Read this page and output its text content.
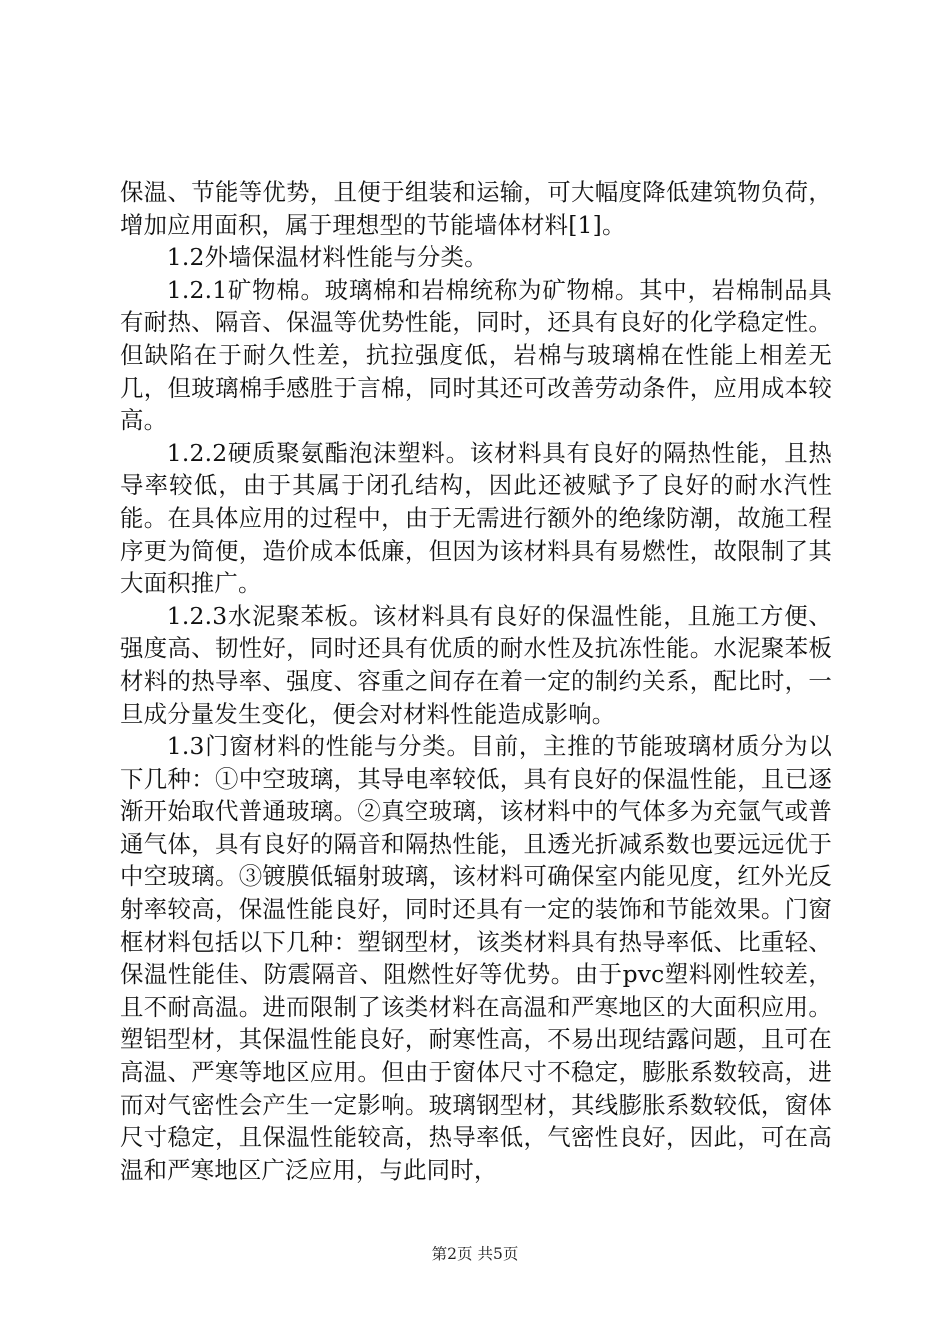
保温、节能等优势，且便于组装和运输，可大幅度降低建筑物负荷，增加应用面积，属于理想型的节能墙体材料[1]。

1.2外墙保温材料性能与分类。

1.2.1矿物棉。玻璃棉和岩棉统称为矿物棉。其中，岩棉制品具有耐热、隔音、保温等优势性能，同时，还具有良好的化学稳定性。但缺陷在于耐久性差，抗拉强度低，岩棉与玻璃棉在性能上相差无几，但玻璃棉手感胜于言棉，同时其还可改善劳动条件，应用成本较高。

1.2.2硬质聚氨酯泡沫塑料。该材料具有良好的隔热性能，且热导率较低，由于其属于闭孔结构，因此还被赋予了良好的耐水汽性能。在具体应用的过程中，由于无需进行额外的绝缘防潮，故施工程序更为简便，造价成本低廉，但因为该材料具有易燃性，故限制了其大面积推广。

1.2.3水泥聚苯板。该材料具有良好的保温性能，且施工方便、强度高、韧性好，同时还具有优质的耐水性及抗冻性能。水泥聚苯板材料的热导率、强度、容重之间存在着一定的制约关系，配比时，一旦成分量发生变化，便会对材料性能造成影响。

1.3门窗材料的性能与分类。目前，主推的节能玻璃材质分为以下几种：①中空玻璃，其导电率较低，具有良好的保温性能，且已逐渐开始取代普通玻璃。②真空玻璃，该材料中的气体多为充氩气或普通气体，具有良好的隔音和隔热性能，且透光折减系数也要远远优于中空玻璃。③镀膜低辐射玻璃，该材料可确保室内能见度，红外光反射率较高，保温性能良好，同时还具有一定的装饰和节能效果。门窗框材料包括以下几种：塑钢型材，该类材料具有热导率低、比重轻、保温性能佳、防震隔音、阻燃性好等优势。由于pvc塑料刚性较差，且不耐高温。进而限制了该类材料在高温和严寒地区的大面积应用。塑铝型材，其保温性能良好，耐寒性高，不易出现结露问题，且可在高温、严寒等地区应用。但由于窗体尺寸不稳定，膨胀系数较高，进而对气密性会产生一定影响。玻璃钢型材，其线膨胀系数较低，窗体尺寸稳定，且保温性能较高，热导率低，气密性良好，因此，可在高温和严寒地区广泛应用，与此同时，

第2页 共5页
